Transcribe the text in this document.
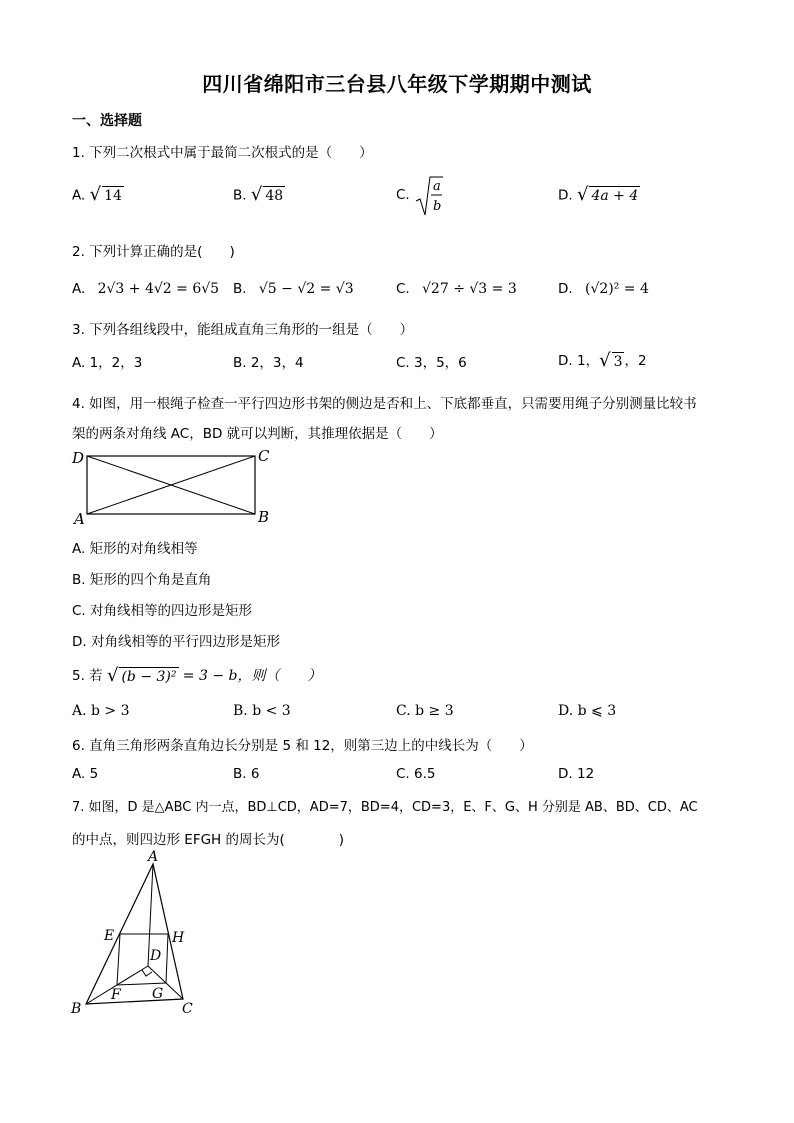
四川省绵阳市三台县八年级下学期期中测试
一、选择题
1. 下列二次根式中属于最简二次根式的是（　　）
A. √ 14	B. √ 48	C.
a
b
D. √ 4a + 4
2. 下列计算正确的是(　　)
A. 2√3 + 4√2 = 6√5 B. √5 − √2 = √3	C. √27 ÷ √3 = 3	D. (√2)² = 4
3. 下列各组线段中，能组成直角三角形的一组是（　　）
A. 1，2，3	B. 2，3，4	C. 3，5，6	D. 1，√ 3 ，2
4. 如图，用一根绳子检查一平行四边形书架的侧边是否和上、下底都垂直，只需要用绳子分别测量比较书
架的两条对角线 AC，BD 就可以判断，其推理依据是（　　）
D	C
A	B
A. 矩形的对角线相等
B. 矩形的四个角是直角
C. 对角线相等的四边形是矩形
D. 对角线相等的平行四边形是矩形
5. 若 √ (b − 3)² = 3 − b，则（　　）
A. b > 3	B. b < 3	C. b ≥ 3	D. b ⩽ 3
6. 直角三角形两条直角边长分别是 5 和 12，则第三边上的中线长为（　　）
A. 5	B. 6	C. 6.5	D. 12
7. 如图，D 是△ABC 内一点，BD⊥CD，AD=7，BD=4，CD=3，E、F、G、H 分别是 AB、BD、CD、AC
的中点，则四边形 EFGH 的周长为(　　　　)
A
B	C
D
E
F G
H
